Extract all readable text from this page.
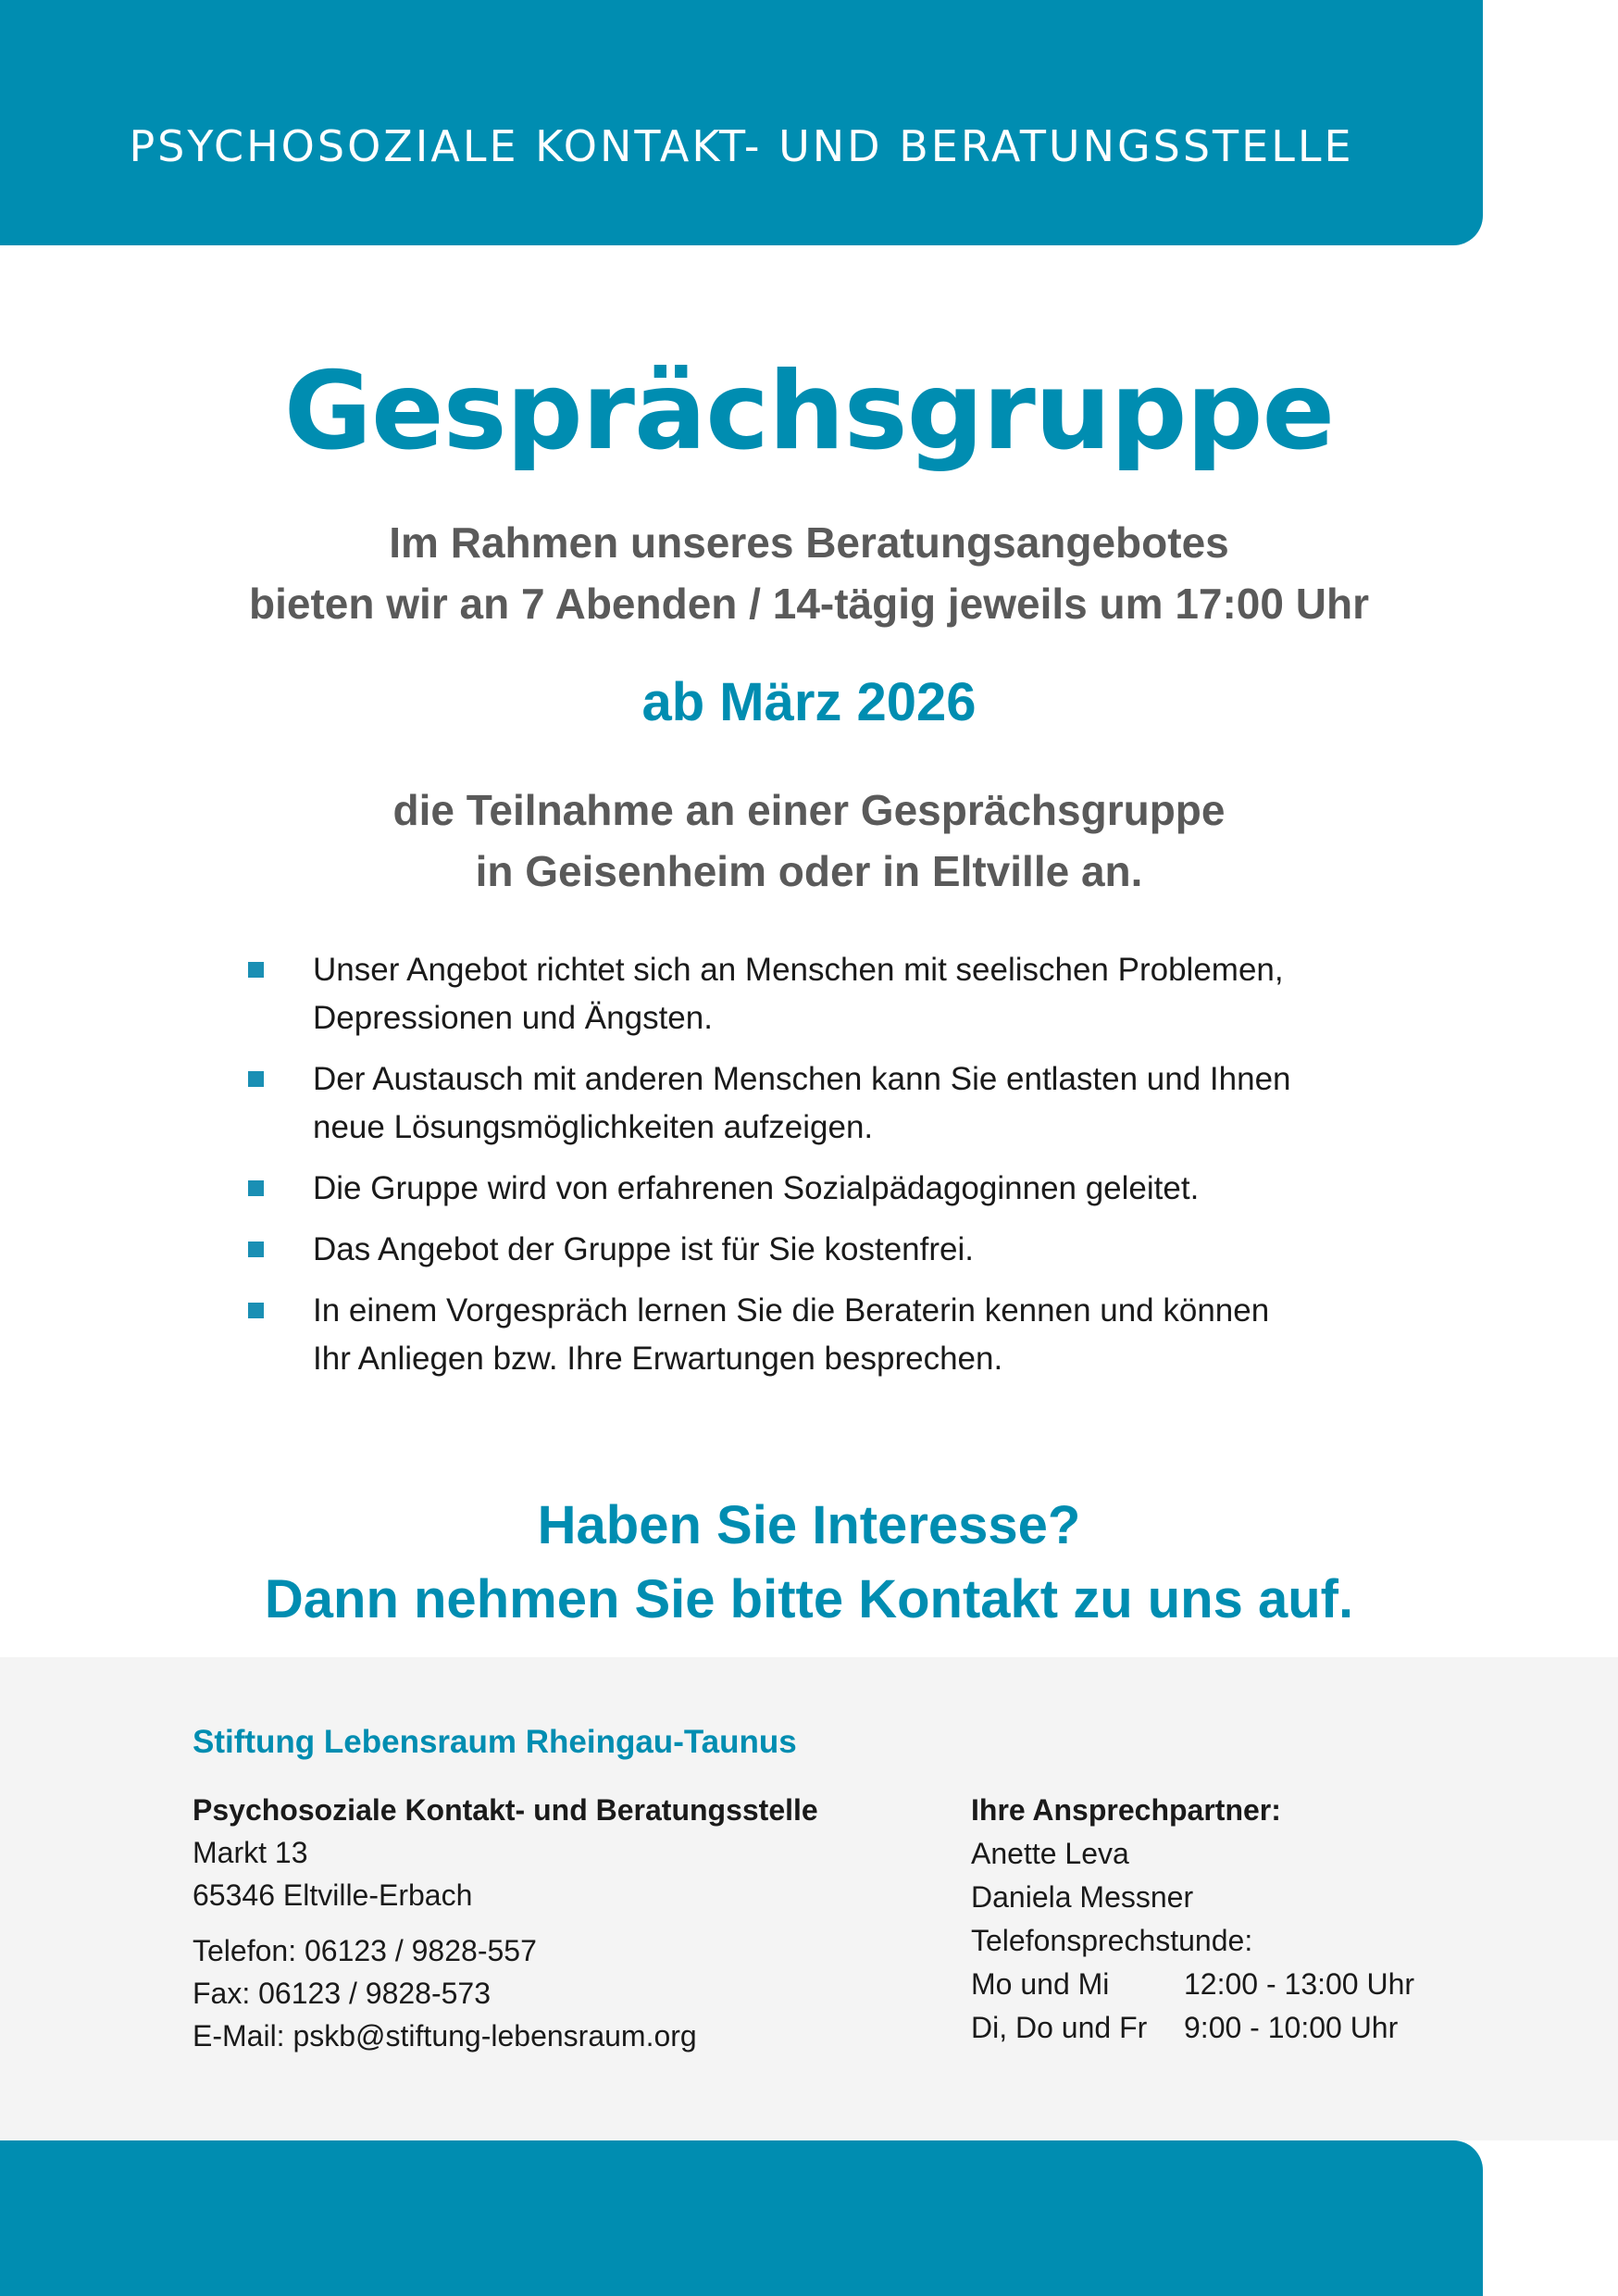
PSYCHOSOZIALE KONTAKT- UND BERATUNGSSTELLE
Gesprächsgruppe
Im Rahmen unseres Beratungsangebotes
bieten wir an 7 Abenden / 14-tägig jeweils um 17:00 Uhr
ab März 2026
die Teilnahme an einer Gesprächsgruppe
in Geisenheim oder in Eltville an.
Unser Angebot richtet sich an Menschen mit seelischen Problemen,
Depressionen und Ängsten.
Der Austausch mit anderen Menschen kann Sie entlasten und Ihnen
neue Lösungsmöglichkeiten aufzeigen.
Die Gruppe wird von erfahrenen Sozialpädagoginnen geleitet.
Das Angebot der Gruppe ist für Sie kostenfrei.
In einem Vorgespräch lernen Sie die Beraterin kennen und können
Ihr Anliegen bzw. Ihre Erwartungen besprechen.
Haben Sie Interesse?
Dann nehmen Sie bitte Kontakt zu uns auf.
Stiftung Lebensraum Rheingau-Taunus
Psychosoziale Kontakt- und Beratungsstelle
Markt 13
65346 Eltville-Erbach
Telefon: 06123 / 9828-557
Fax: 06123 / 9828-573
E-Mail: pskb@stiftung-lebensraum.org
Ihre Ansprechpartner:
Anette Leva
Daniela Messner
Telefonsprechstunde:
Mo und Mi	12:00 - 13:00 Uhr
Di, Do und Fr	9:00 - 10:00 Uhr
